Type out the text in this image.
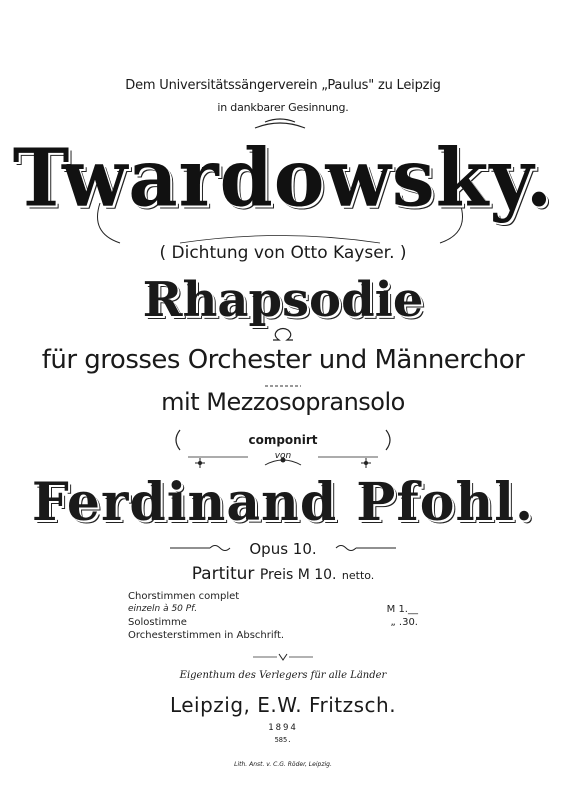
Dem Universitätssängerverein „Paulus" zu Leipzig
in dankbarer Gesinnung.
Twardowsky.
( Dichtung von Otto Kayser. )
Rhapsodie
für grosses Orchester und Männerchor
mit Mezzosopransolo
componirt
von
Ferdinand Pfohl.
Opus 10.
Partitur Preis M 10. netto.
Chorstimmen complet
einzeln à 50 Pf.	M 1.__
Solostimme	„ .30.
Orchesterstimmen in Abschrift.
Eigenthum des Verlegers für alle Länder
Leipzig, E.W. Fritzsch.
1894
585.
Lith. Anst. v. C.G. Röder, Leipzig.
